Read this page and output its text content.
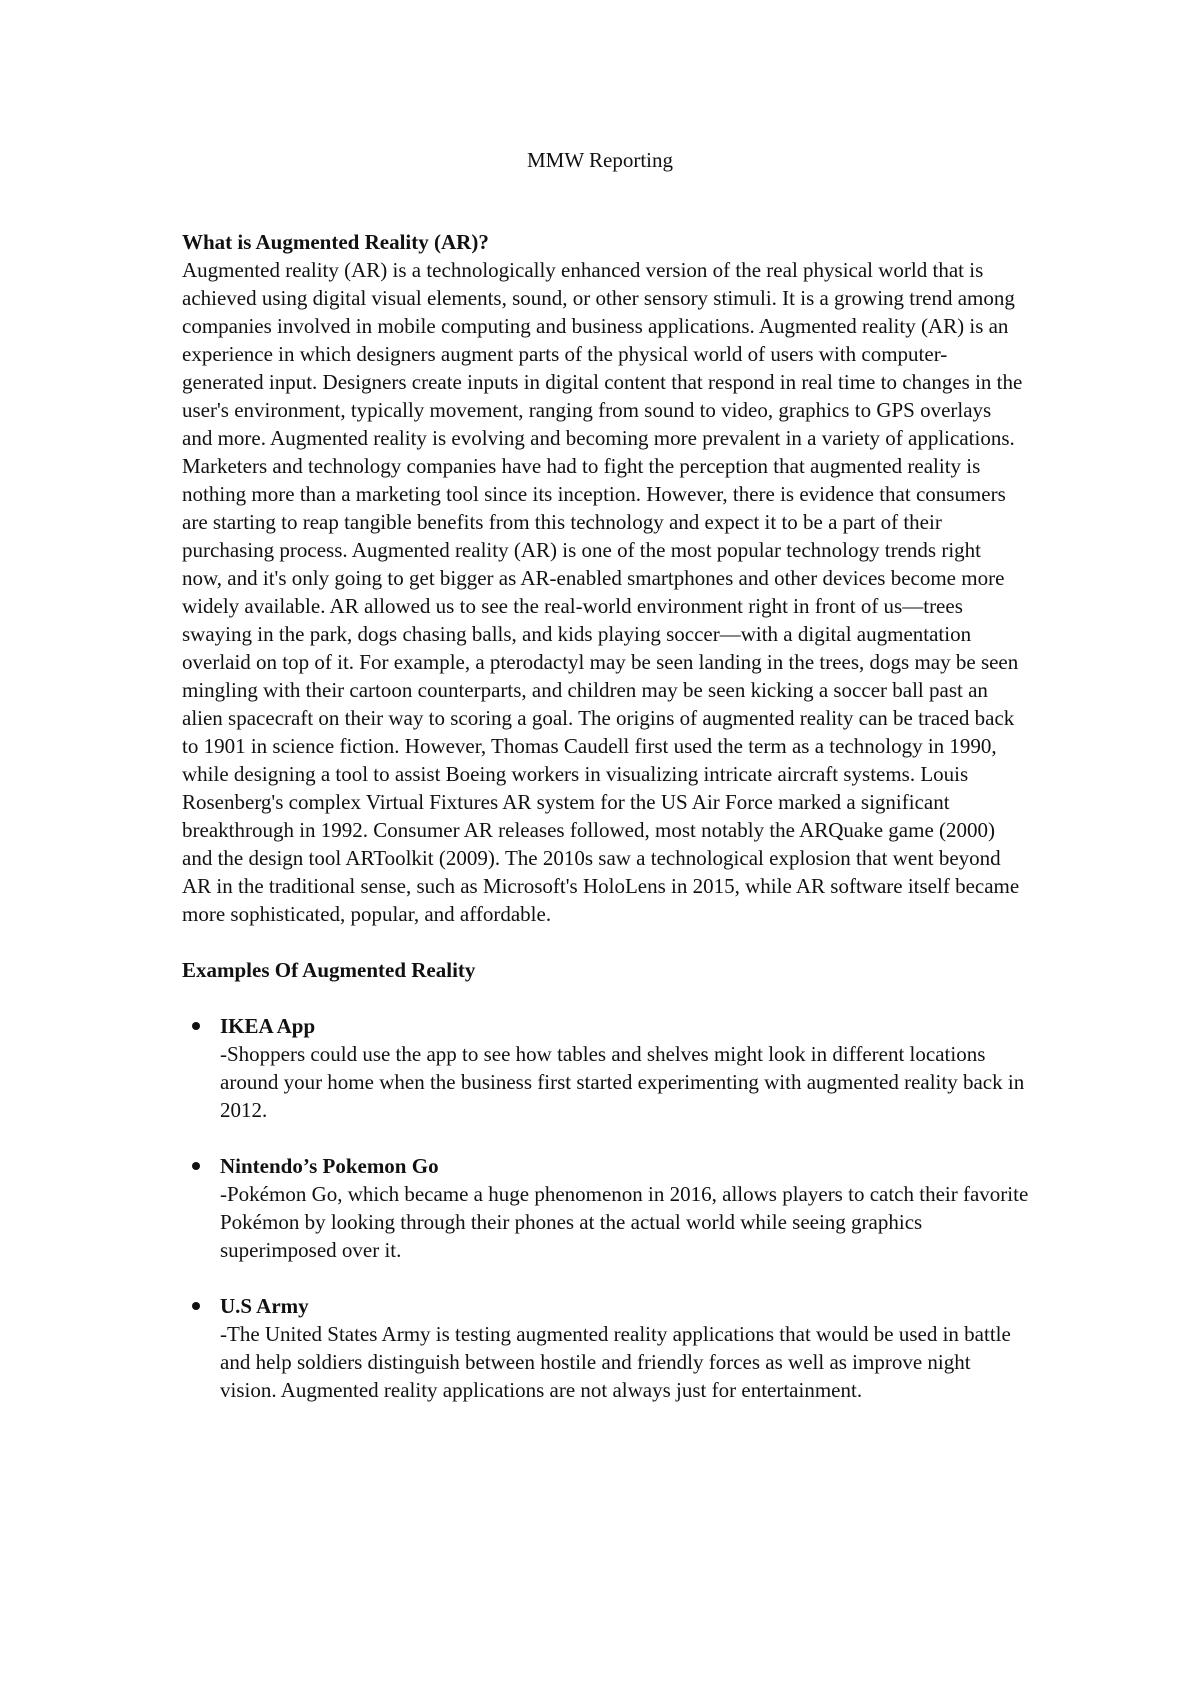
MMW Reporting

What is Augmented Reality (AR)?

Augmented reality (AR) is a technologically enhanced version of the real physical world that is achieved using digital visual elements, sound, or other sensory stimuli. It is a growing trend among companies involved in mobile computing and business applications. Augmented reality (AR) is an experience in which designers augment parts of the physical world of users with computer-generated input. Designers create inputs in digital content that respond in real time to changes in the user's environment, typically movement, ranging from sound to video, graphics to GPS overlays and more. Augmented reality is evolving and becoming more prevalent in a variety of applications. Marketers and technology companies have had to fight the perception that augmented reality is nothing more than a marketing tool since its inception. However, there is evidence that consumers are starting to reap tangible benefits from this technology and expect it to be a part of their purchasing process. Augmented reality (AR) is one of the most popular technology trends right now, and it's only going to get bigger as AR-enabled smartphones and other devices become more widely available. AR allowed us to see the real-world environment right in front of us—trees swaying in the park, dogs chasing balls, and kids playing soccer—with a digital augmentation overlaid on top of it. For example, a pterodactyl may be seen landing in the trees, dogs may be seen mingling with their cartoon counterparts, and children may be seen kicking a soccer ball past an alien spacecraft on their way to scoring a goal. The origins of augmented reality can be traced back to 1901 in science fiction. However, Thomas Caudell first used the term as a technology in 1990, while designing a tool to assist Boeing workers in visualizing intricate aircraft systems. Louis Rosenberg's complex Virtual Fixtures AR system for the US Air Force marked a significant breakthrough in 1992. Consumer AR releases followed, most notably the ARQuake game (2000) and the design tool ARToolkit (2009). The 2010s saw a technological explosion that went beyond AR in the traditional sense, such as Microsoft's HoloLens in 2015, while AR software itself became more sophisticated, popular, and affordable.

Examples Of Augmented Reality

IKEA App

-Shoppers could use the app to see how tables and shelves might look in different locations around your home when the business first started experimenting with augmented reality back in 2012.

Nintendo’s Pokemon Go

-Pokémon Go, which became a huge phenomenon in 2016, allows players to catch their favorite Pokémon by looking through their phones at the actual world while seeing graphics superimposed over it.

U.S Army

-The United States Army is testing augmented reality applications that would be used in battle and help soldiers distinguish between hostile and friendly forces as well as improve night vision. Augmented reality applications are not always just for entertainment.
